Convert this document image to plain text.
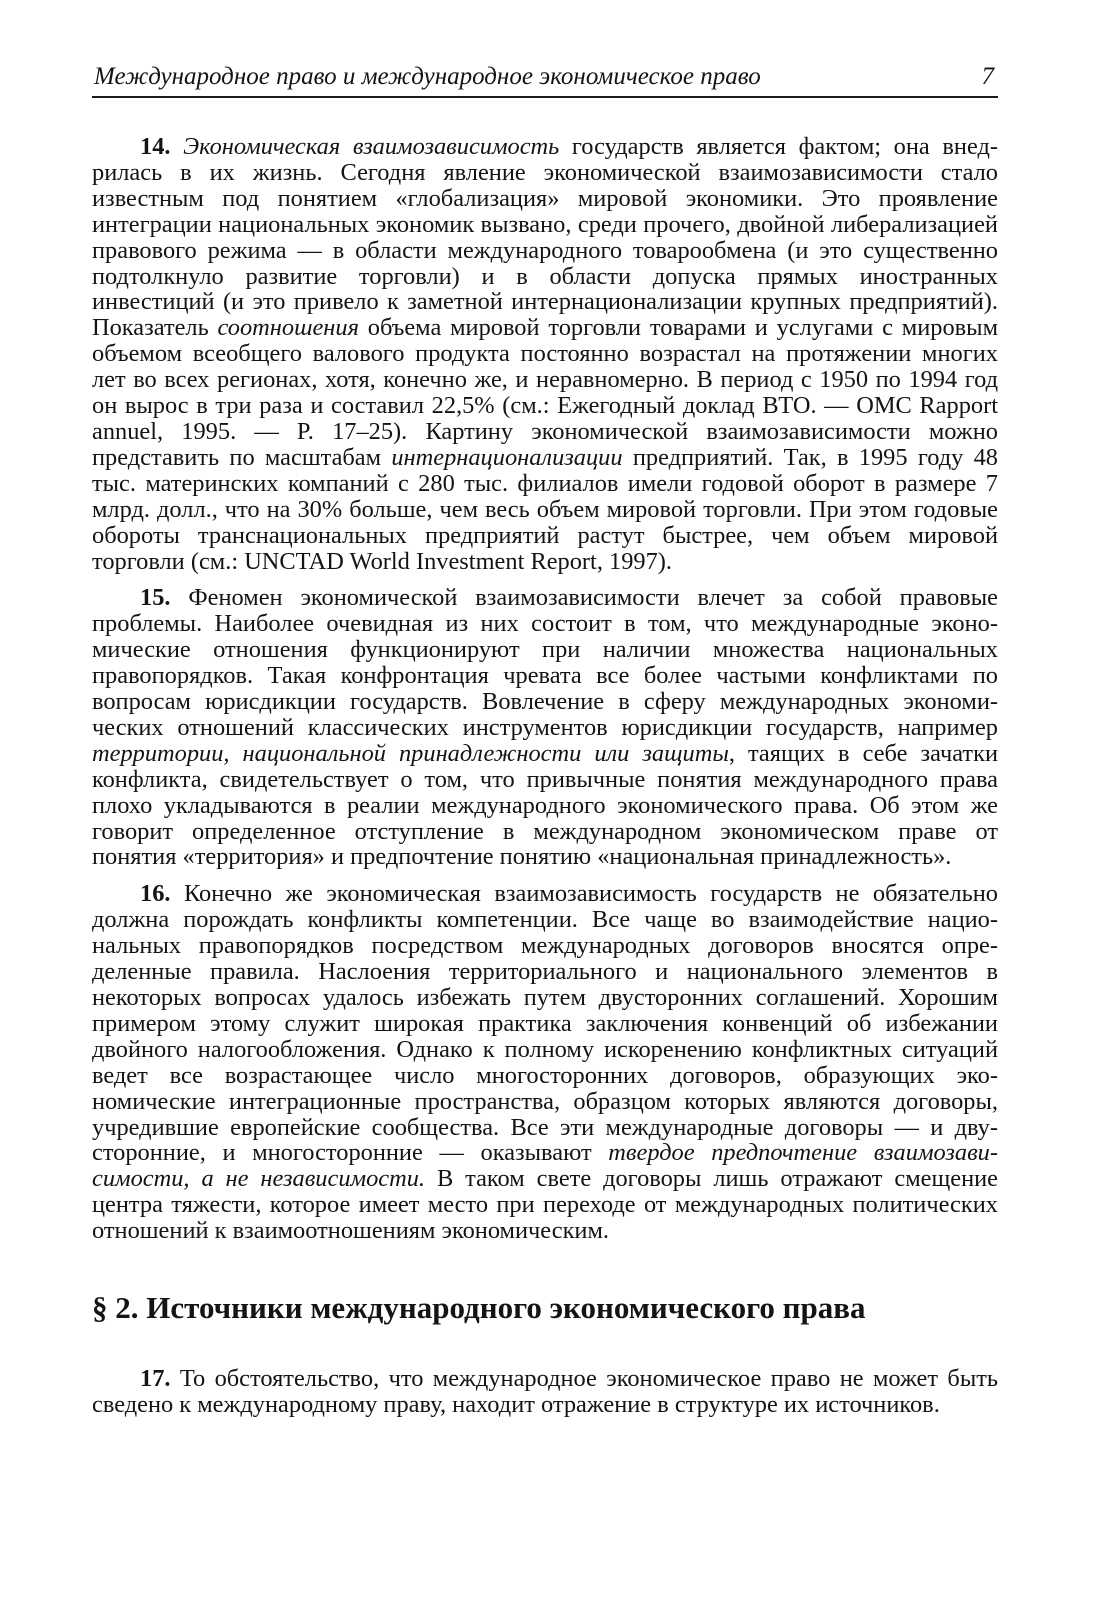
Международное право и международное экономическое право	7

14. Экономическая взаимозависимость государств является фактом; она внедрилась в их жизнь. Сегодня явление экономической взаимозависимости стало известным под понятием «глобализация» мировой экономики. Это проявление интеграции национальных экономик вызвано, среди прочего, двойной либерализацией правового режима — в области международного товарообмена (и это существенно подтолкнуло развитие торговли) и в области допуска прямых иностранных инвестиций (и это привело к заметной интернационализации крупных предприятий). Показатель соотношения объема мировой торговли товарами и услугами с мировым объемом всеобщего валового продукта постоянно возрастал на протяжении многих лет во всех регионах, хотя, конечно же, и неравномерно. В период с 1950 по 1994 год он вырос в три раза и составил 22,5% (см.: Ежегодный доклад ВТО. — OMC Rapport annuel, 1995. — P. 17–25). Картину экономической взаимозависимости можно представить по масштабам интернационализации предприятий. Так, в 1995 году 48 тыс. материнских компаний с 280 тыс. филиалов имели годовой оборот в размере 7 млрд. долл., что на 30% больше, чем весь объем мировой торговли. При этом годовые обороты транснациональных предприятий растут быстрее, чем объем мировой торговли (см.: UNCTAD World Investment Report, 1997).

15. Феномен экономической взаимозависимости влечет за собой правовые проблемы. Наиболее очевидная из них состоит в том, что международные экономические отношения функционируют при наличии множества национальных правопорядков. Такая конфронтация чревата все более частыми конфликтами по вопросам юрисдикции государств. Вовлечение в сферу международных экономических отношений классических инструментов юрисдикции государств, например территории, национальной принадлежности или защиты, таящих в себе зачатки конфликта, свидетельствует о том, что привычные понятия международного права плохо укладываются в реалии международного экономического права. Об этом же говорит определенное отступление в международном экономическом праве от понятия «территория» и предпочтение понятию «национальная принадлежность».

16. Конечно же экономическая взаимозависимость государств не обязательно должна порождать конфликты компетенции. Все чаще во взаимодействие национальных правопорядков посредством международных договоров вносятся определенные правила. Наслоения территориального и национального элементов в некоторых вопросах удалось избежать путем двусторонних соглашений. Хорошим примером этому служит широкая практика заключения конвенций об избежании двойного налогообложения. Однако к полному искоренению конфликтных ситуаций ведет все возрастающее число многосторонних договоров, образующих экономические интеграционные пространства, образцом которых являются договоры, учредившие европейские сообщества. Все эти международные договоры — и двусторонние, и многосторонние — оказывают твердое предпочтение взаимозависимости, а не независимости. В таком свете договоры лишь отражают смещение центра тяжести, которое имеет место при переходе от международных политических отношений к взаимоотношениям экономическим.

§ 2. Источники международного экономического права

17. То обстоятельство, что международное экономическое право не может быть сведено к международному праву, находит отражение в структуре их источников.
